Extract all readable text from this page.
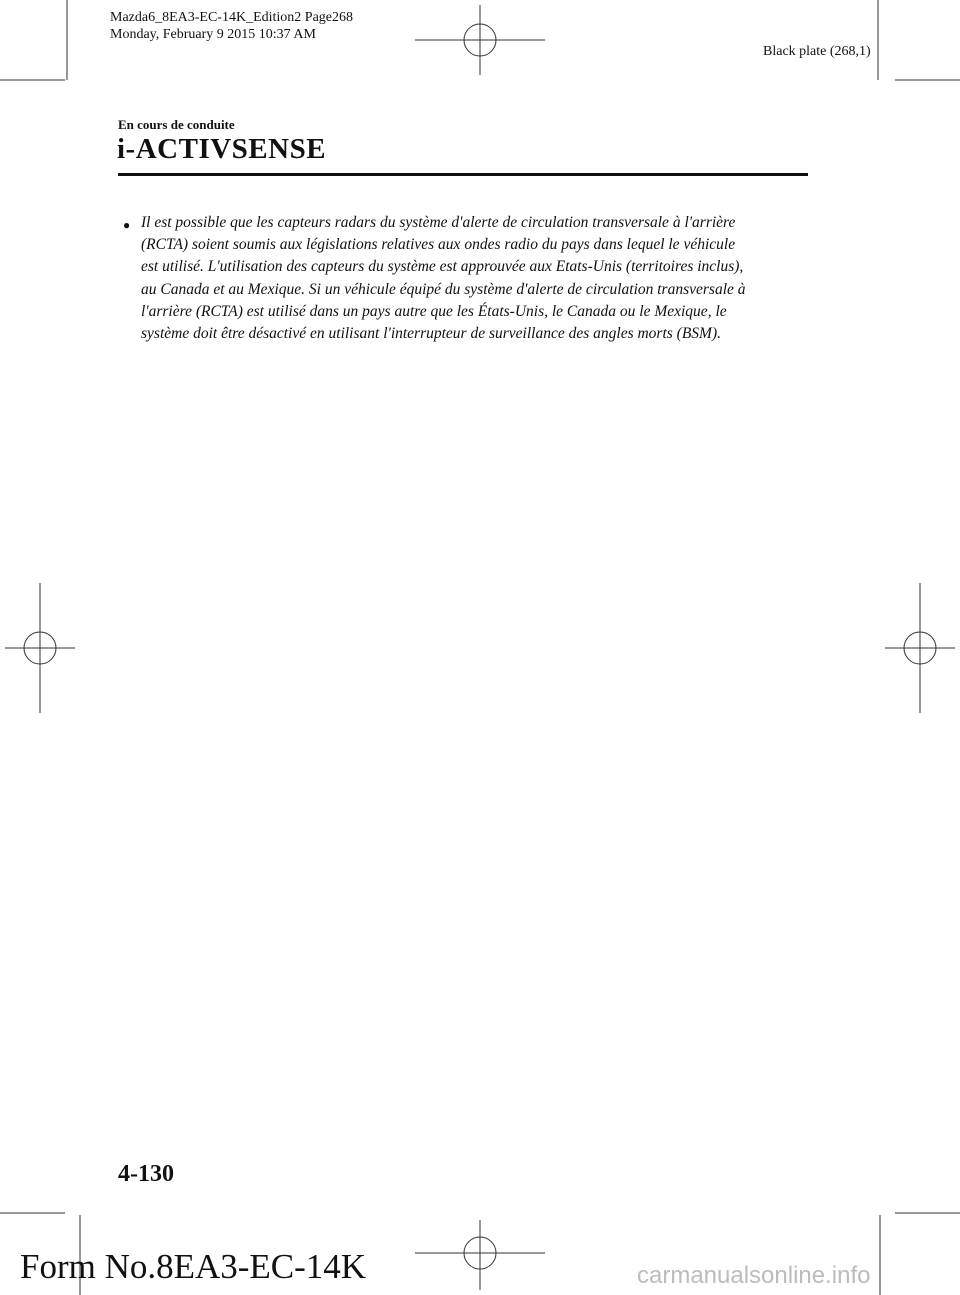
Mazda6_8EA3-EC-14K_Edition2 Page268
Monday, February 9 2015 10:37 AM
Black plate (268,1)
En cours de conduite
i-ACTIVSENSE
● Il est possible que les capteurs radars du système d'alerte de circulation transversale à l'arrière
(RCTA) soient soumis aux législations relatives aux ondes radio du pays dans lequel le véhicule
est utilisé. L'utilisation des capteurs du système est approuvée aux Etats-Unis (territoires inclus),
au Canada et au Mexique. Si un véhicule équipé du système d'alerte de circulation transversale à
l'arrière (RCTA) est utilisé dans un pays autre que les États-Unis, le Canada ou le Mexique, le
système doit être désactivé en utilisant l'interrupteur de surveillance des angles morts (BSM).
4-130
Form No.8EA3-EC-14K	carmanualsonline.info
